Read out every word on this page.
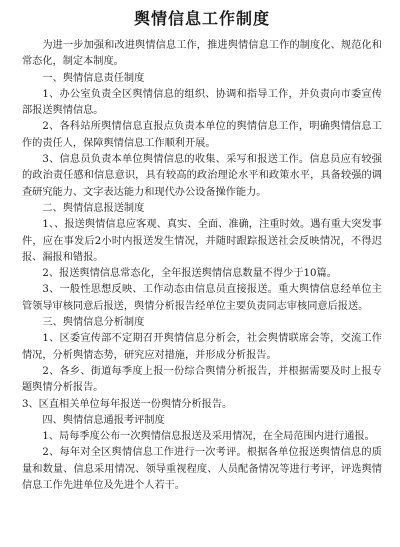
舆情信息工作制度

为进一步加强和改进舆情信息工作，推进舆情信息工作的制度化、规范化和常态化，制定本制度。

一、舆情信息责任制度

1、办公室负责全区舆情信息的组织、协调和指导工作，并负责向市委宣传部报送舆情信息。

2、各科站所舆情信息直报点负责本单位的舆情信息工作，明确舆情信息工作的责任人，保障舆情信息工作顺利开展。

3、信息员负责本单位舆情信息的收集、采写和报送工作。信息员应有较强的政治责任感和信息意识，具有较高的政治理论水平和政策水平，具备较强的调查研究能力、文字表达能力和现代办公设备操作能力。

二、舆情信息报送制度

1、、报送舆情信息应客观、真实、全面、准确，注重时效。遇有重大突发事件，应在事发后2小时内报送发生情况，并随时跟踪报送社会反映情况，不得迟报、漏报和错报。

2、报送舆情信息常态化，全年报送舆情信息数量不得少于10篇。

3、一般性思想反映、工作动态由信息员直接报送。重大舆情信息经单位主管领导审核同意后报送，舆情分析报告经单位主要负责同志审核同意后报送。

三、舆情信息分析制度

1、区委宣传部不定期召开舆情信息分析会，社会舆情联席会等，交流工作情况，分析舆情态势，研究应对措施，并形成分析报告。

2、各乡、街道每季度上报一份综合舆情分析报告，并根据需要及时上报专题舆情分析报告。

3、区直相关单位每年报送一份舆情分析报告。

四、舆情信息通报考评制度

1、局每季度公布一次舆情信息报送及采用情况，在全局范围内进行通报。

2、每年对全区舆情信息工作进行一次考评。根据各单位报送舆情信息的质量和数量、信息采用情况、领导重视程度、人员配备情况等进行考评，评选舆情信息工作先进单位及先进个人若干。
